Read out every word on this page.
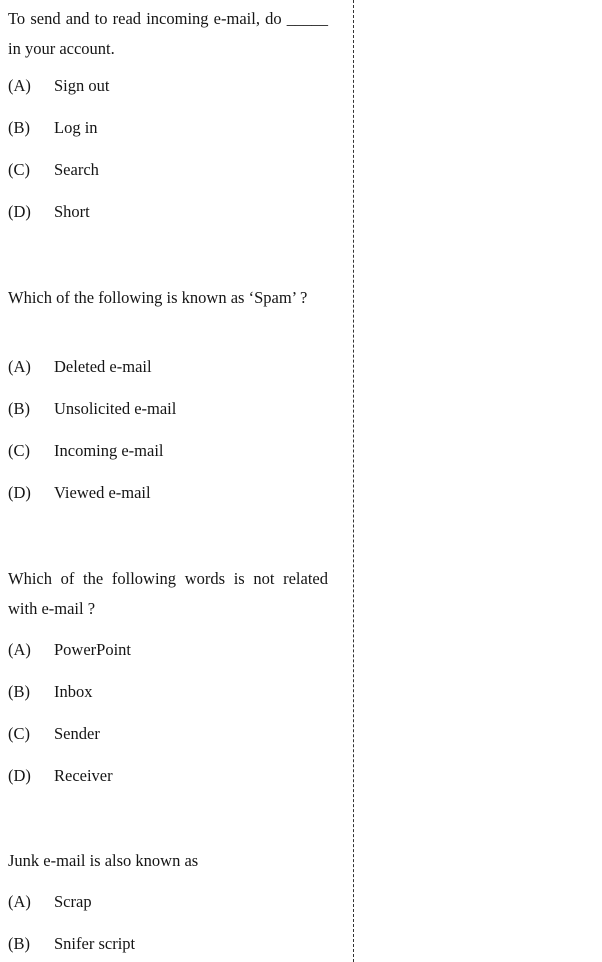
To send and to read incoming e-mail, do _____ in your account.

(A) Sign out
(B) Log in
(C) Search
(D) Short

Which of the following is known as ‘Spam’ ?

(A) Deleted e-mail
(B) Unsolicited e-mail
(C) Incoming e-mail
(D) Viewed e-mail

Which of the following words is not related with e-mail ?

(A) PowerPoint
(B) Inbox
(C) Sender
(D) Receiver

Junk e-mail is also known as

(A) Scrap
(B) Snifer script
